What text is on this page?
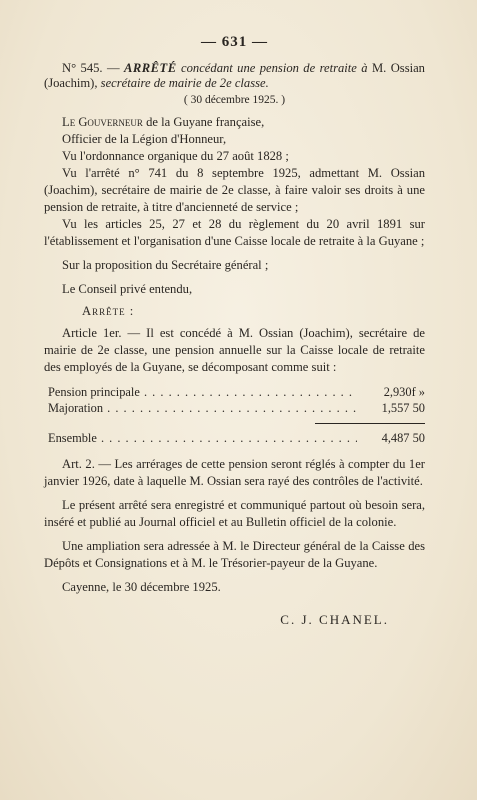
— 631 —

N° 545. — ARRÊTÉ concédant une pension de retraite à M. Ossian (Joachim), secrétaire de mairie de 2e classe.

( 30 décembre 1925. )

Le Gouverneur de la Guyane française,

Officier de la Légion d'Honneur,

Vu l'ordonnance organique du 27 août 1828 ;

Vu l'arrêté n° 741 du 8 septembre 1925, admettant M. Ossian (Joachim), secrétaire de mairie de 2e classe, à faire valoir ses droits à une pension de retraite, à titre d'ancienneté de service ;

Vu les articles 25, 27 et 28 du règlement du 20 avril 1891 sur l'établissement et l'organisation d'une Caisse locale de retraite à la Guyane ;

Sur la proposition du Secrétaire général ;

Le Conseil privé entendu,

Arrête :

Article 1er. — Il est concédé à M. Ossian (Joachim), secrétaire de mairie de 2e classe, une pension annuelle sur la Caisse locale de retraite des employés de la Guyane, se décomposant comme suit :

Pension principale . . .	2,930f »
Majoration . . .	1,557 50
Ensemble . . .	4,487 50

Art. 2. — Les arrérages de cette pension seront réglés à compter du 1er janvier 1926, date à laquelle M. Ossian sera rayé des contrôles de l'activité.

Le présent arrêté sera enregistré et communiqué partout où besoin sera, inséré et publié au Journal officiel et au Bulletin officiel de la colonie.

Une ampliation sera adressée à M. le Directeur général de la Caisse des Dépôts et Consignations et à M. le Trésorier-payeur de la Guyane.

Cayenne, le 30 décembre 1925.

C. J. CHANEL.
